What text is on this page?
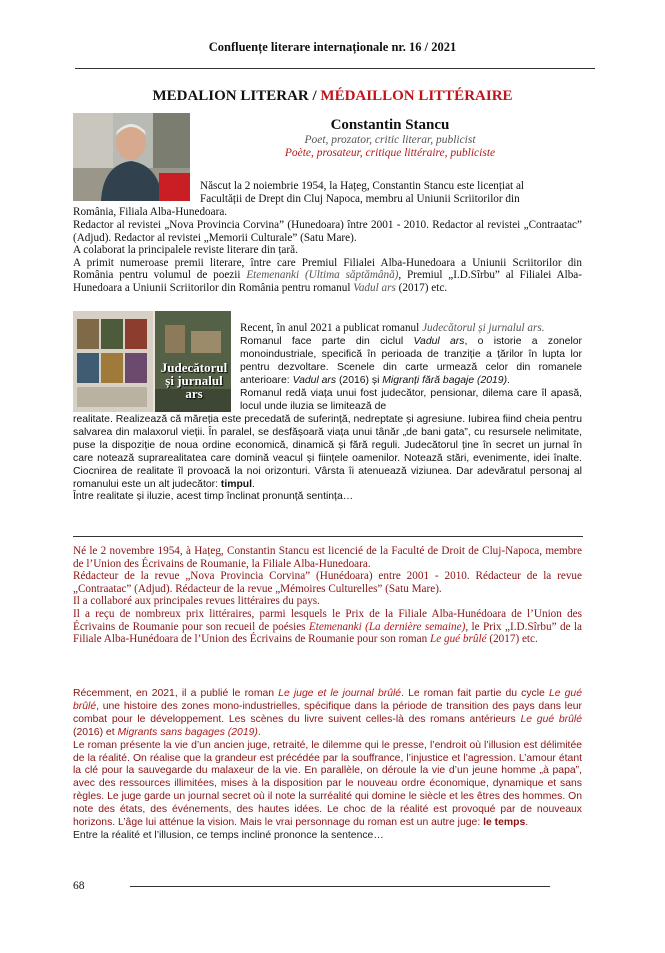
Confluențe literare internaționale nr. 16 / 2021
MEDALION LITERAR / MÉDAILLON LITTÉRAIRE
Constantin Stancu
Poet, prozator, critic literar, publicist
Poète, prosateur, critique littéraire, publiciste
Născut la 2 noiembrie 1954, la Hațeg, Constantin Stancu este licențiat al
Facultății de Drept din Cluj Napoca, membru al Uniunii Scriitorilor din
România, Filiala Alba-Hunedoara.
Redactor al revistei „Nova Provincia Corvina” (Hunedoara) între 2001 - 2010. Redactor al revistei „Contraatac” (Adjud). Redactor al revistei „Memorii Culturale” (Satu Mare).
A colaborat la principalele reviste literare din țară.
A primit numeroase premii literare, între care Premiul Filialei Alba-Hunedoara a Uniunii Scriitorilor din România pentru volumul de poezii Etemenanki (Ultima săptămână), Premiul „I.D.Sîrbu” al Filialei Alba-Hunedoara a Uniunii Scriitorilor din România pentru romanul Vadul ars (2017) etc.
Judecătorul
și jurnalul ars
Recent, în anul 2021 a publicat romanul Judecătorul și jurnalul ars.
Romanul face parte din ciclul Vadul ars, o istorie a zonelor monoindustriale, specifică în perioada de tranziție a țărilor în lupta lor pentru dezvoltare. Scenele din carte urmează celor din romanele anterioare: Vadul ars (2016) și Migranți fără bagaje (2019).
Romanul redă viața unui fost judecător, pensionar, dilema care îl apasă, locul unde iluzia se limitează de
realitate. Realizează că măreția este precedată de suferință, nedreptate și agresiune. Iubirea fiind cheia pentru salvarea din malaxorul vieții. În paralel, se desfășoară viața unui tânăr „de bani gata”, cu resursele nelimitate, puse la dispoziție de noua ordine economică, dinamică și fără reguli. Judecătorul ține în secret un jurnal în care notează suprarealitatea care domină veacul și ființele oamenilor. Notează stări, evenimente, idei înalte. Ciocnirea de realitate îl provoacă la noi orizonturi. Vârsta îi atenuează viziunea. Dar adevăratul personaj al romanului este un alt judecător: timpul.
Între realitate și iluzie, acest timp înclinat pronunță sentința…
Né le 2 novembre 1954, à Hațeg, Constantin Stancu est licencié de la Faculté de Droit de Cluj-Napoca, membre de l’Union des Écrivains de Roumanie, la Filiale Alba-Hunedoara.
Rédacteur de la revue „Nova Provincia Corvina” (Hunédoara) entre 2001 - 2010. Rédacteur de la revue „Contraatac” (Adjud). Rédacteur de la revue „Mémoires Culturelles” (Satu Mare).
Il a collaboré aux principales revues littéraires du pays.
Il a reçu de nombreux prix littéraires, parmi lesquels le Prix de la Filiale Alba-Hunédoara de l’Union des Écrivains de Roumanie pour son recueil de poésies Etemenanki (La dernière semaine), le Prix „I.D.Sîrbu” de la Filiale Alba-Hunédoara de l’Union des Écrivains de Roumanie pour son roman Le gué brûlé (2017) etc.
Récemment, en 2021, il a publié le roman Le juge et le journal brûlé. Le roman fait partie du cycle Le gué brûlé, une histoire des zones mono-industrielles, spécifique dans la période de transition des pays dans leur combat pour le développement. Les scènes du livre suivent celles-là des romans antérieurs Le gué brûlé (2016) et Migrants sans bagages (2019).
Le roman présente la vie d’un ancien juge, retraité, le dilemme qui le presse, l’endroit où l’illusion est délimitée de la réalité. On réalise que la grandeur est précédée par la souffrance, l’injustice et l’agression. L’amour étant la clé pour la sauvegarde du malaxeur de la vie. En parallèle, on déroule la vie d’un jeune homme „à papa”, avec des ressources illimitées, mises à la disposition par le nouveau ordre économique, dynamique et sans règles. Le juge garde un journal secret où il note la surréalité qui domine le siècle et les êtres des hommes. On note des états, des événements, des hautes idées. Le choc de la réalité est provoqué par de nouveaux horizons. L’âge lui atténue la vision. Mais le vrai personnage du roman est un autre juge: le temps.
Entre la réalité et l’illusion, ce temps incliné prononce la sentence…
68
